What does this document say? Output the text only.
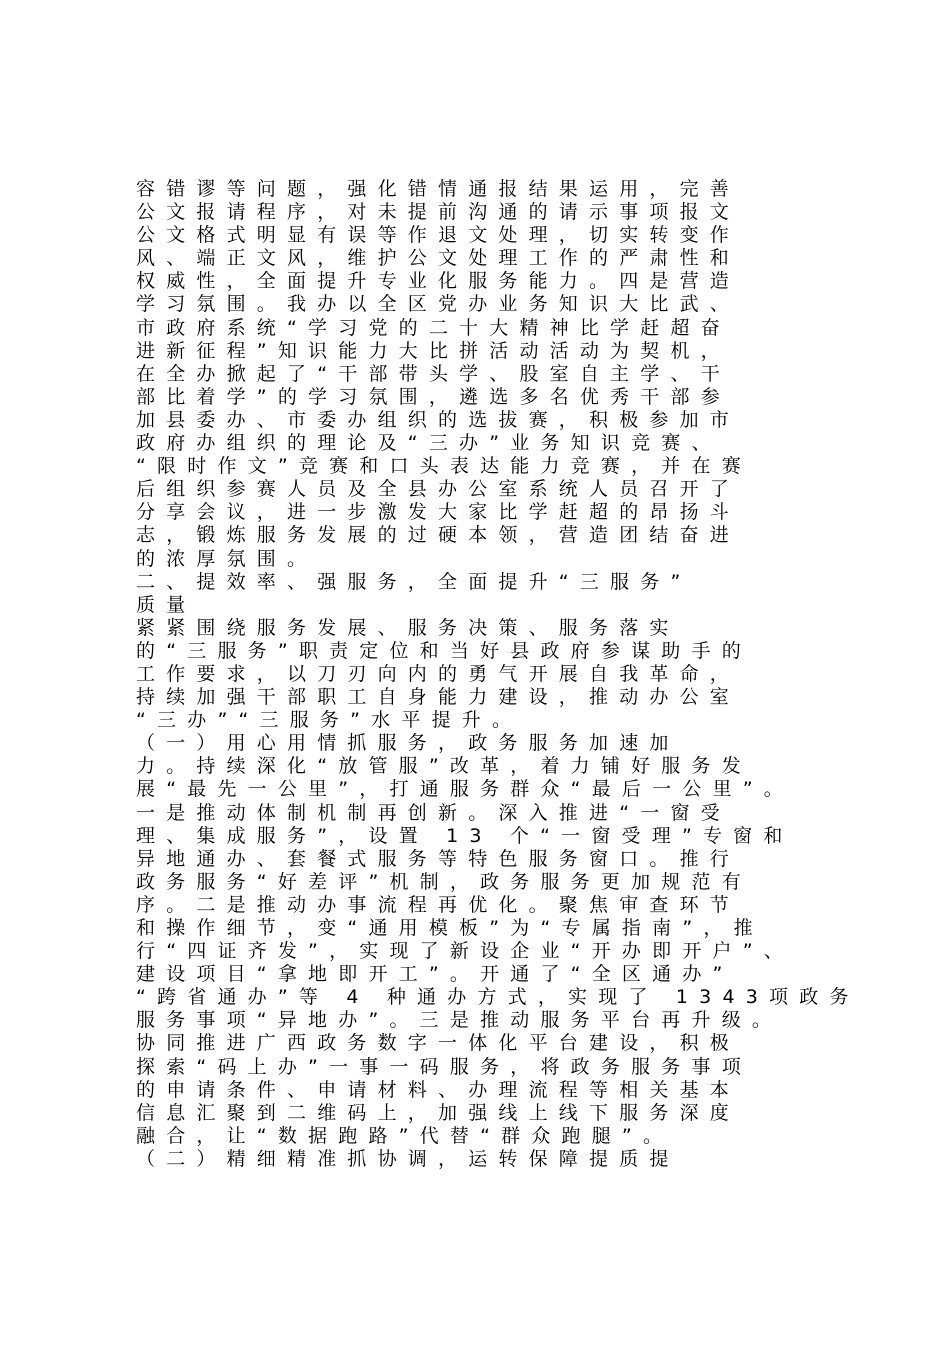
容错谬等问题，强化错情通报结果运用，完善
公文报请程序，对未提前沟通的请示事项报文
公文格式明显有误等作退文处理，切实转变作
风、端正文风，维护公文处理工作的严肃性和
权威性，全面提升专业化服务能力。四是营造
学习氛围。我办以全区党办业务知识大比武、
市政府系统“学习党的二十大精神比学赶超奋
进新征程”知识能力大比拼活动活动为契机，
在全办掀起了“干部带头学、股室自主学、干
部比着学”的学习氛围，遴选多名优秀干部参
加县委办、市委办组织的选拔赛，积极参加市
政府办组织的理论及“三办”业务知识竞赛、
“限时作文”竞赛和口头表达能力竞赛，并在赛
后组织参赛人员及全县办公室系统人员召开了
分享会议，进一步激发大家比学赶超的昂扬斗
志，锻炼服务发展的过硬本领，营造团结奋进
的浓厚氛围。
二、提效率、强服务，全面提升“三服务”
质量
紧紧围绕服务发展、服务决策、服务落实
的“三服务”职责定位和当好县政府参谋助手的
工作要求，以刀刃向内的勇气开展自我革命，
持续加强干部职工自身能力建设，推动办公室
“三办”“三服务”水平提升。
（一）用心用情抓服务，政务服务加速加
力。持续深化“放管服”改革，着力铺好服务发
展“最先一公里”，打通服务群众“最后一公里”。
一是推动体制机制再创新。深入推进“一窗受
理、集成服务”，设置 13 个“一窗受理”专窗和
异地通办、套餐式服务等特色服务窗口。推行
政务服务“好差评”机制，政务服务更加规范有
序。二是推动办事流程再优化。聚焦审查环节
和操作细节，变“通用模板”为“专属指南”，推
行“四证齐发”，实现了新设企业“开办即开户”、
建设项目“拿地即开工”。开通了“全区通办”
“跨省通办”等 4 种通办方式，实现了 1343项政务
服务事项“异地办”。三是推动服务平台再升级。
协同推进广西政务数字一体化平台建设，积极
探索“码上办”一事一码服务，将政务服务事项
的申请条件、申请材料、办理流程等相关基本
信息汇聚到二维码上，加强线上线下服务深度
融合，让“数据跑路”代替“群众跑腿”。
（二）精细精准抓协调，运转保障提质提
